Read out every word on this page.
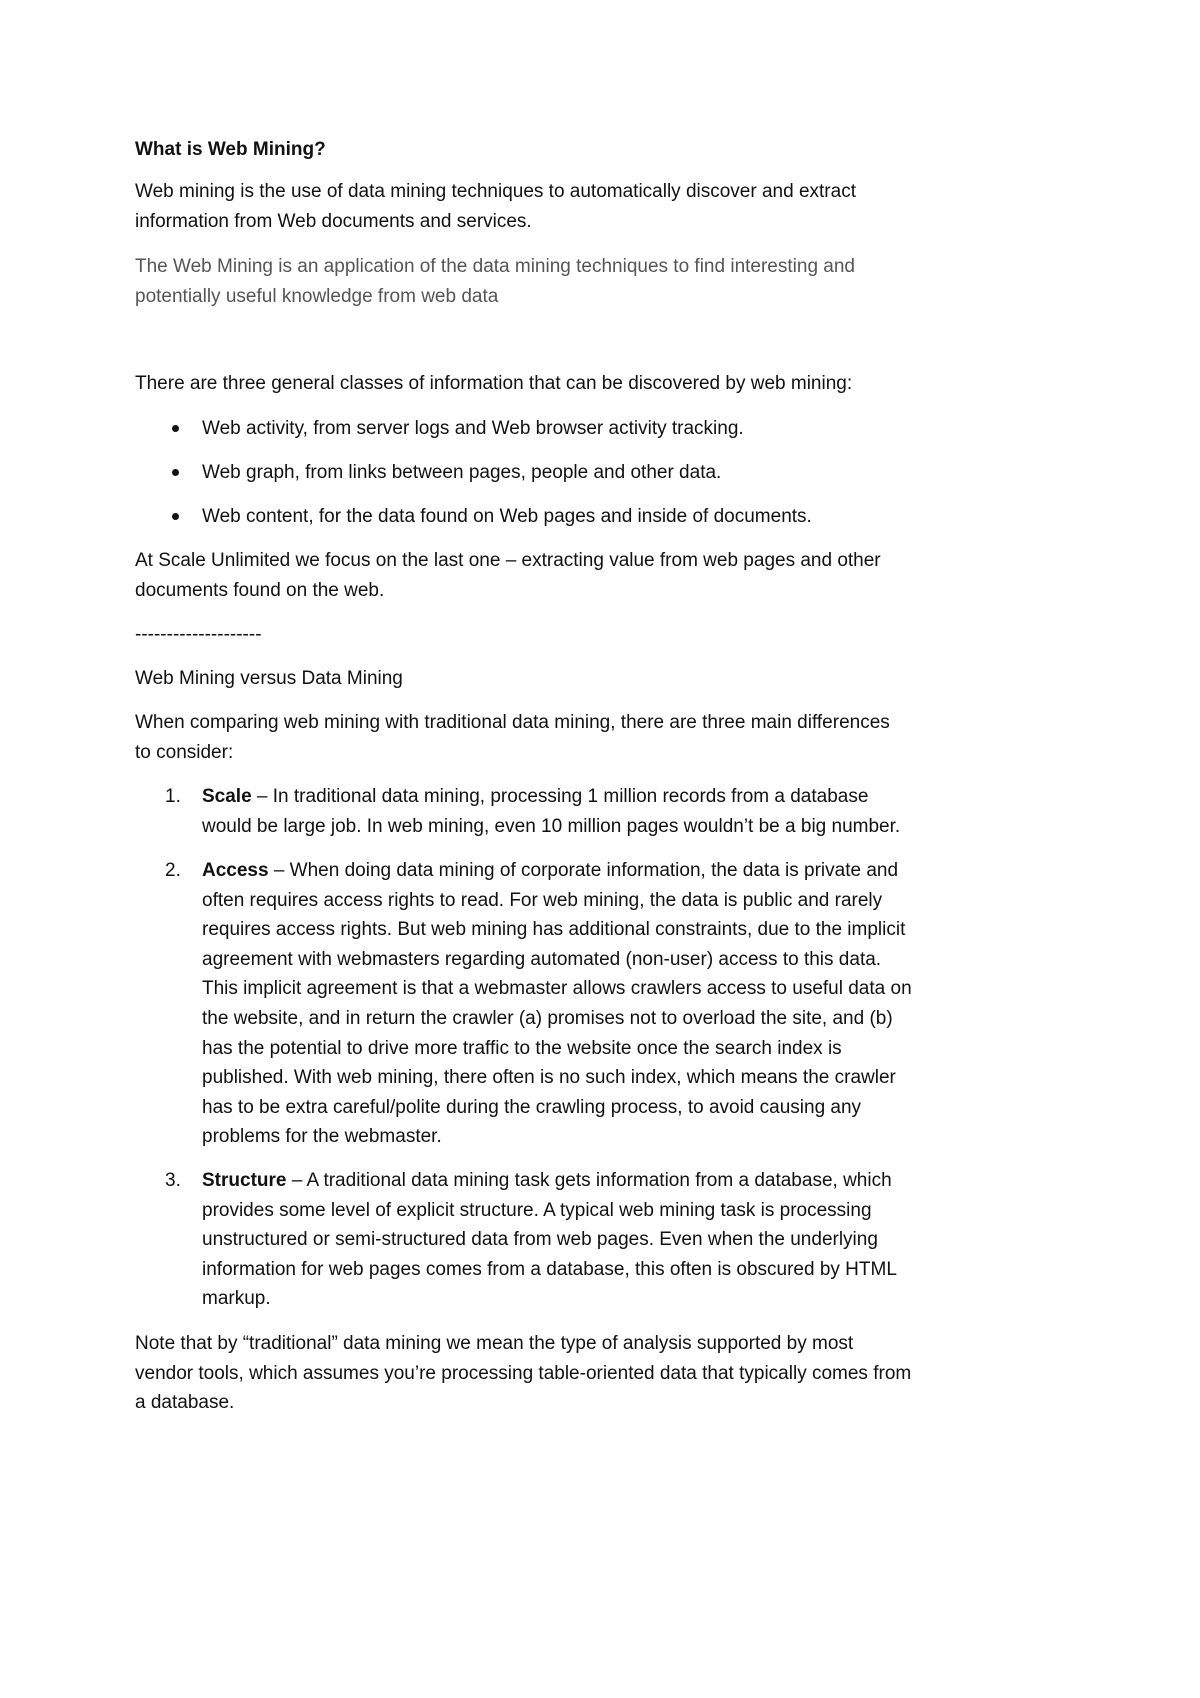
What is Web Mining?
Web mining is the use of data mining techniques to automatically discover and extract
information from Web documents and services.
The Web Mining is an application of the data mining techniques to find interesting and
potentially useful knowledge from web data
There are three general classes of information that can be discovered by web mining:
Web activity, from server logs and Web browser activity tracking.
Web graph, from links between pages, people and other data.
Web content, for the data found on Web pages and inside of documents.
At Scale Unlimited we focus on the last one – extracting value from web pages and other
documents found on the web.
--------------------
Web Mining versus Data Mining
When comparing web mining with traditional data mining, there are three main differences
to consider:
1. Scale – In traditional data mining, processing 1 million records from a database
would be large job. In web mining, even 10 million pages wouldn’t be a big number.
2. Access – When doing data mining of corporate information, the data is private and
often requires access rights to read. For web mining, the data is public and rarely
requires access rights. But web mining has additional constraints, due to the implicit
agreement with webmasters regarding automated (non-user) access to this data.
This implicit agreement is that a webmaster allows crawlers access to useful data on
the website, and in return the crawler (a) promises not to overload the site, and (b)
has the potential to drive more traffic to the website once the search index is
published. With web mining, there often is no such index, which means the crawler
has to be extra careful/polite during the crawling process, to avoid causing any
problems for the webmaster.
3. Structure – A traditional data mining task gets information from a database, which
provides some level of explicit structure. A typical web mining task is processing
unstructured or semi-structured data from web pages. Even when the underlying
information for web pages comes from a database, this often is obscured by HTML
markup.
Note that by “traditional” data mining we mean the type of analysis supported by most
vendor tools, which assumes you’re processing table-oriented data that typically comes from
a database.
